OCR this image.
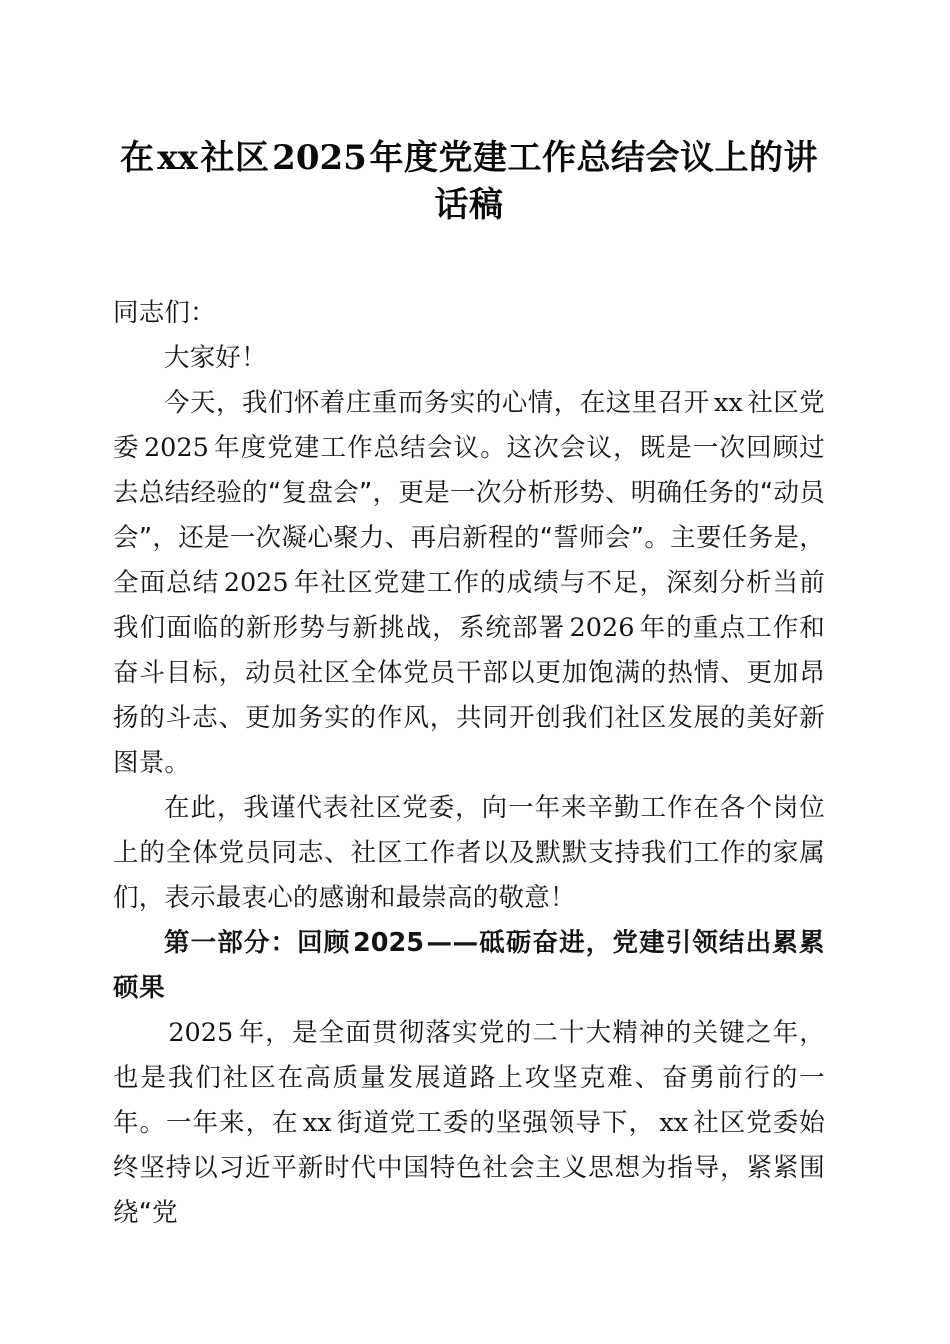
在xx社区2025年度党建工作总结会议上的讲话稿

同志们：

大家好！

今天，我们怀着庄重而务实的心情，在这里召开 xx 社区党委 2025 年度党建工作总结会议。这次会议，既是一次回顾过去总结经验的“复盘会”，更是一次分析形势、明确任务的“动员会”，还是一次凝心聚力、再启新程的“誓师会”。主要任务是，全面总结 2025 年社区党建工作的成绩与不足，深刻分析当前我们面临的新形势与新挑战，系统部署 2026 年的重点工作和奋斗目标，动员社区全体党员干部以更加饱满的热情、更加昂扬的斗志、更加务实的作风，共同开创我们社区发展的美好新图景。

在此，我谨代表社区党委，向一年来辛勤工作在各个岗位上的全体党员同志、社区工作者以及默默支持我们工作的家属们，表示最衷心的感谢和最崇高的敬意！

第一部分：回顾2025——砥砺奋进，党建引领结出累累硕果

2025 年，是全面贯彻落实党的二十大精神的关键之年，也是我们社区在高质量发展道路上攻坚克难、奋勇前行的一年。一年来，在 xx 街道党工委的坚强领导下， xx 社区党委始终坚持以习近平新时代中国特色社会主义思想为指导，紧紧围绕“党
